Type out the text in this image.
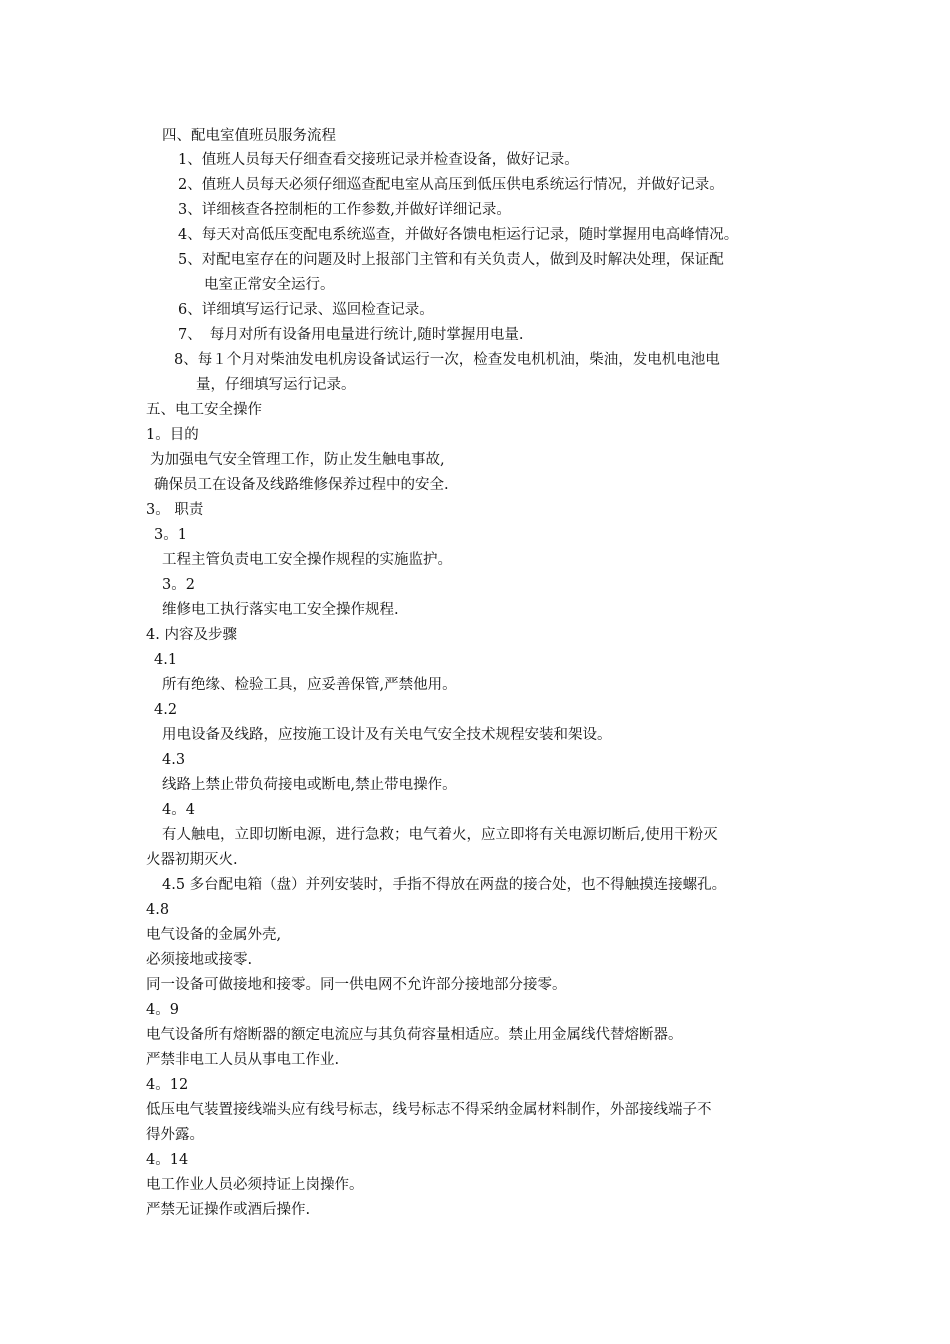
四、配电室值班员服务流程
1、值班人员每天仔细查看交接班记录并检查设备，做好记录。
2、值班人员每天必须仔细巡查配电室从高压到低压供电系统运行情况，并做好记录。
3、详细核查各控制柜的工作参数,并做好详细记录。
4、每天对高低压变配电系统巡查，并做好各馈电柜运行记录，随时掌握用电高峰情况。
5、对配电室存在的问题及时上报部门主管和有关负责人，做到及时解决处理，保证配
电室正常安全运行。
6、详细填写运行记录、巡回检查记录。
7、 每月对所有设备用电量进行统计,随时掌握用电量.
8、每１个月对柴油发电机房设备试运行一次，检查发电机机油，柴油，发电机电池电
量，仔细填写运行记录。
五、电工安全操作
1。目的
为加强电气安全管理工作，防止发生触电事故,
确保员工在设备及线路维修保养过程中的安全.
3。 职责
3。1
工程主管负责电工安全操作规程的实施监护。
3。2
维修电工执行落实电工安全操作规程.
4. 内容及步骤
4.1
所有绝缘、检验工具，应妥善保管,严禁他用。
4.2
用电设备及线路，应按施工设计及有关电气安全技术规程安装和架设。
4.3
线路上禁止带负荷接电或断电,禁止带电操作。
4。4
有人触电，立即切断电源，进行急救；电气着火，应立即将有关电源切断后,使用干粉灭
火器初期灭火.
4.5 多台配电箱（盘）并列安装时，手指不得放在两盘的接合处，也不得触摸连接螺孔。
4.8
电气设备的金属外壳,
必须接地或接零.
同一设备可做接地和接零。同一供电网不允许部分接地部分接零。
4。9
电气设备所有熔断器的额定电流应与其负荷容量相适应。禁止用金属线代替熔断器。
严禁非电工人员从事电工作业.
4。12
低压电气装置接线端头应有线号标志，线号标志不得采纳金属材料制作，外部接线端子不
得外露。
4。14
电工作业人员必须持证上岗操作。
严禁无证操作或酒后操作.
